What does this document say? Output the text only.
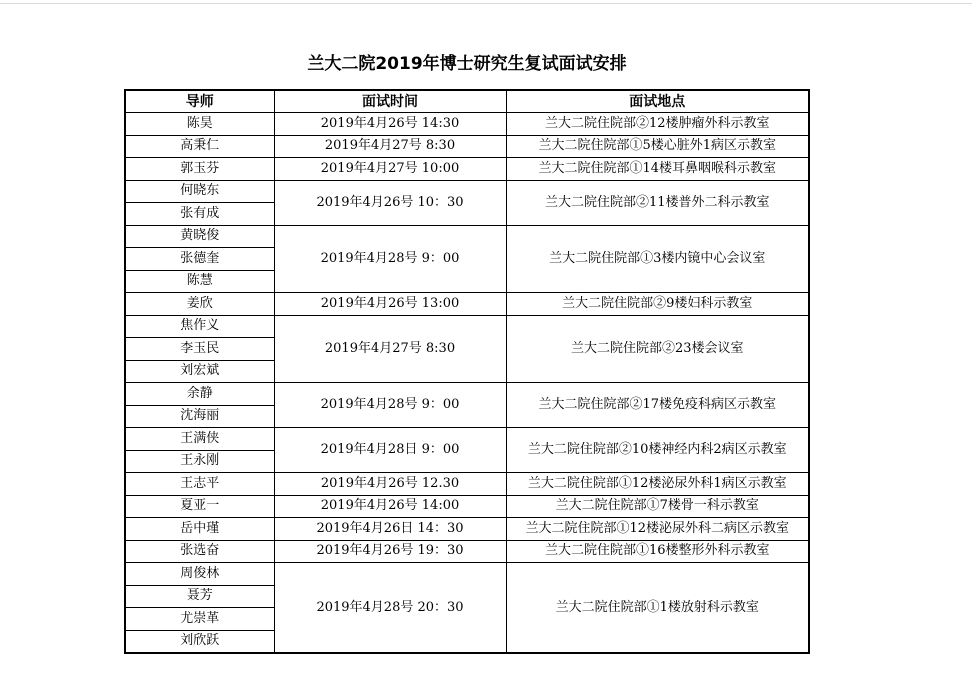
兰大二院2019年博士研究生复试面试安排
导师	面试时间	面试地点
陈昊	2019年4月26号 14:30	兰大二院住院部②12楼肿瘤外科示教室
高秉仁	2019年4月27号 8:30	兰大二院住院部①5楼心脏外1病区示教室
郭玉芬	2019年4月27号 10:00	兰大二院住院部①14楼耳鼻咽喉科示教室
何晓东	2019年4月26号 10：30	兰大二院住院部②11楼普外二科示教室
张有成		
黄晓俊	2019年4月28号 9：00	兰大二院住院部①3楼内镜中心会议室
张德奎		
陈慧		
姜欣	2019年4月26号 13:00	兰大二院住院部②9楼妇科示教室
焦作义	2019年4月27号 8:30	兰大二院住院部②23楼会议室
李玉民		
刘宏斌		
余静	2019年4月28号 9：00	兰大二院住院部②17楼免疫科病区示教室
沈海丽		
王满侠	2019年4月28日 9：00	兰大二院住院部②10楼神经内科2病区示教室
王永刚		
王志平	2019年4月26号 12.30	兰大二院住院部①12楼泌尿外科1病区示教室
夏亚一	2019年4月26号 14:00	兰大二院住院部①7楼骨一科示教室
岳中瑾	2019年4月26日 14：30	兰大二院住院部①12楼泌尿外科二病区示教室
张选奋	2019年4月26号 19：30	兰大二院住院部①16楼整形外科示教室
周俊林	2019年4月28号 20：30	兰大二院住院部①1楼放射科示教室
聂芳		
尤崇革		
刘欣跃		
